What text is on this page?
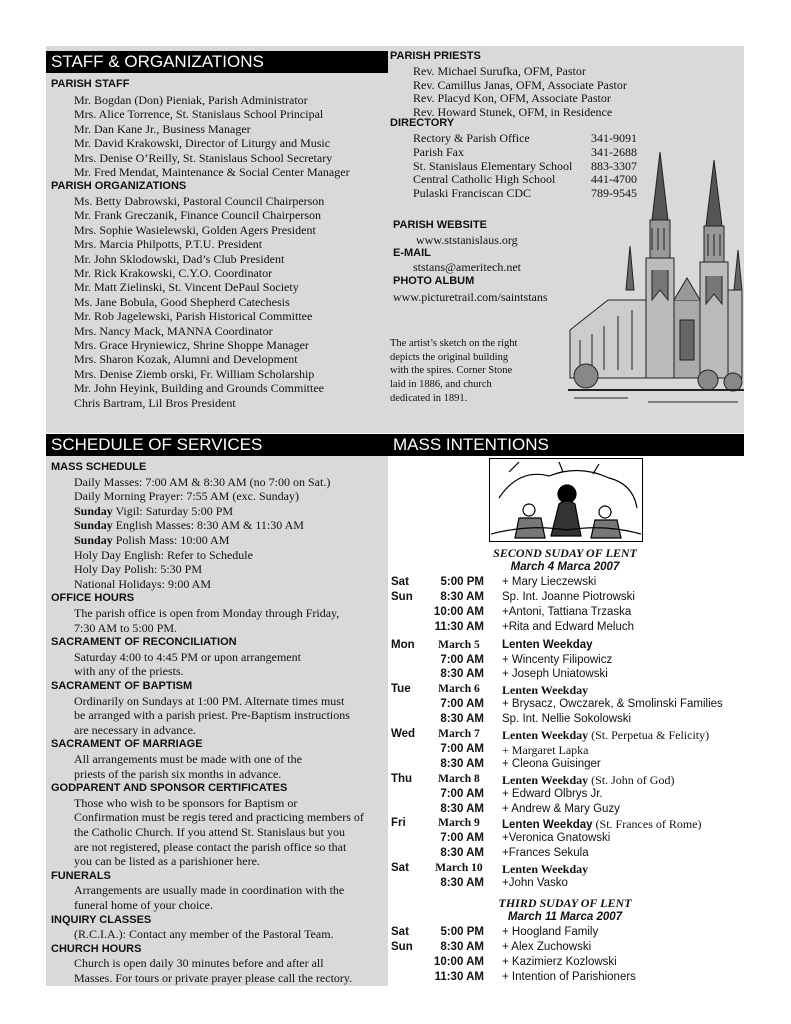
STAFF & ORGANIZATIONS
SCHEDULE OF SERVICES	MASS INTENTIONS
PARISH STAFF
Mr. Bogdan (Don) Pieniak, Parish Administrator
Mrs. Alice Torrence, St. Stanislaus School Principal
Mr. Dan Kane Jr., Business Manager
Mr. David Krakowski, Director of Liturgy and Music
Mrs. Denise O’Reilly, St. Stanislaus School Secretary
Mr. Fred Mendat, Maintenance & Social Center Manager
PARISH ORGANIZATIONS
Ms. Betty Dabrowski, Pastoral Council Chairperson
Mr. Frank Greczanik, Finance Council Chairperson
Mrs. Sophie Wasielewski, Golden Agers President
Mrs. Marcia Philpotts, P.T.U. President
Mr. John Sklodowski, Dad’s Club President
Mr. Rick Krakowski, C.Y.O. Coordinator
Mr. Matt Zielinski, St. Vincent DePaul Society
Ms. Jane Bobula, Good Shepherd Catechesis
Mr. Rob Jagelewski, Parish Historical Committee
Mrs. Nancy Mack, MANNA Coordinator
Mrs. Grace Hryniewicz, Shrine Shoppe Manager
Mrs. Sharon Kozak, Alumni and Development
Mrs. Denise Ziemb orski, Fr. William Scholarship
Mr. John Heyink, Building and Grounds Committee
Chris Bartram, Lil Bros President
PARISH PRIESTS
Rev. Michael Surufka, OFM, Pastor
Rev. Camillus Janas, OFM, Associate Pastor
Rev. Placyd Kon, OFM, Associate Pastor
Rev. Howard Stunek, OFM, in Residence
DIRECTORY
Rectory & Parish Office	341-9091
Parish Fax	341-2688
St. Stanislaus Elementary School 883-3307
Central Catholic High School	441-4700
Pulaski Franciscan CDC	789-9545
PARISH WEBSITE
www.ststanislaus.org
E-MAIL
ststans@ameritech.net
PHOTO ALBUM
www.picturetrail.com/saintstans
The artist’s sketch on the right
depicts the original building
with the spires. Corner Stone
laid in 1886, and church
dedicated in 1891.
MASS SCHEDULE
Daily Masses: 7:00 AM & 8:30 AM (no 7:00 on Sat.)
Daily Morning Prayer: 7:55 AM (exc. Sunday)
Sunday Vigil: Saturday 5:00 PM
Sunday English Masses: 8:30 AM & 11:30 AM
Sunday Polish Mass: 10:00 AM
Holy Day English: Refer to Schedule
Holy Day Polish: 5:30 PM
National Holidays: 9:00 AM
OFFICE HOURS
The parish office is open from Monday through Friday,
7:30 AM to 5:00 PM.
SACRAMENT OF RECONCILIATION
Saturday 4:00 to 4:45 PM or upon arrangement
with any of the priests.
SACRAMENT OF BAPTISM
Ordinarily on Sundays at 1:00 PM. Alternate times must
be arranged with a parish priest. Pre-Baptism instructions
are necessary in advance.
SACRAMENT OF MARRIAGE
All arrangements must be made with one of the
priests of the parish six months in advance.
GODPARENT AND SPONSOR CERTIFICATES
Those who wish to be sponsors for Baptism or
Confirmation must be regis tered and practicing members of
the Catholic Church. If you attend St. Stanislaus but you
are not registered, please contact the parish office so that
you can be listed as a parishioner here.
FUNERALS
Arrangements are usually made in coordination with the
funeral home of your choice.
INQUIRY CLASSES
(R.C.I.A.): Contact any member of the Pastoral Team.
CHURCH HOURS
Church is open daily 30 minutes before and after all
Masses. For tours or private prayer please call the rectory.
SECOND SUDAY OF LENT
March 4 Marca 2007
Sat	5:00 PM + Mary Lieczewski
Sun	8:30 AM Sp. Int. Joanne Piotrowski
10:00 AM +Antoni, Tattiana Trzaska
11:30 AM +Rita and Edward Meluch
Mon	March 5	Lenten Weekday
7:00 AM + Wincenty Filipowicz
8:30 AM + Joseph Uniatowski
Tue	March 6	Lenten Weekday
7:00 AM + Brysacz, Owczarek, & Smolinski Families
8:30 AM Sp. Int. Nellie Sokolowski
Wed	March 7	Lenten Weekday (St. Perpetua & Felicity)
7:00 AM + Margaret Lapka
8:30 AM + Cleona Guisinger
Thu	March 8	Lenten Weekday (St. John of God)
7:00 AM + Edward Olbrys Jr.
8:30 AM + Andrew & Mary Guzy
Fri	March 9	Lenten Weekday (St. Frances of Rome)
7:00 AM +Veronica Gnatowski
8:30 AM +Frances Sekula
Sat	March 10	Lenten Weekday
8:30 AM +John Vasko
THIRD SUDAY OF LENT
March 11 Marca 2007
Sat	5:00 PM + Hoogland Family
Sun	8:30 AM + Alex Zuchowski
10:00 AM + Kazimierz Kozlowski
11:30 AM + Intention of Parishioners
